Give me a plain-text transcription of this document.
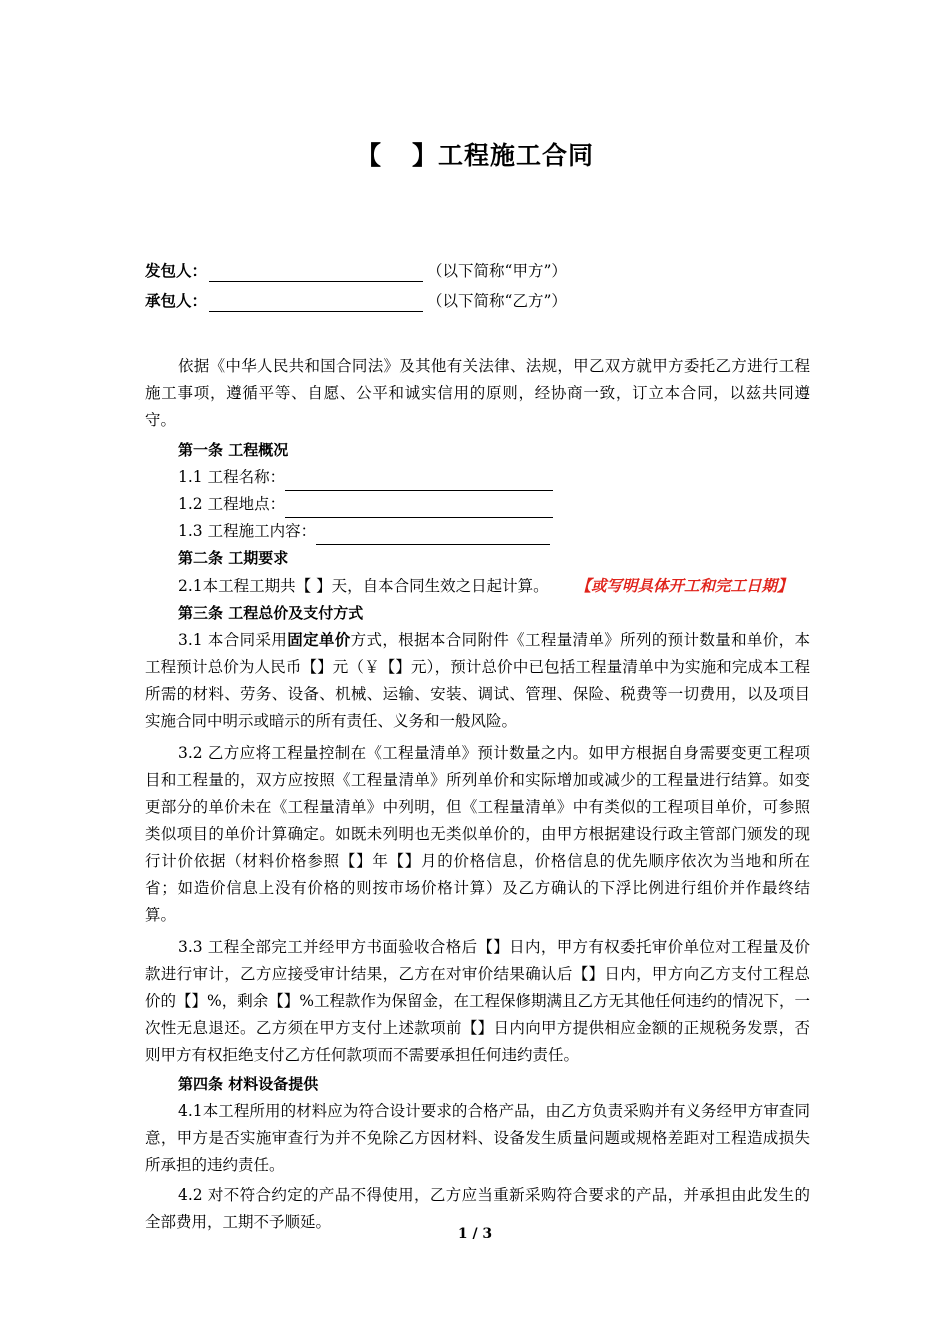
【 】工程施工合同
发包人：	（以下简称“甲方”）
承包人：	（以下简称“乙方”）

依据《中华人民共和国合同法》及其他有关法律、法规，甲乙双方就甲方委托乙方进行工程施工事项，遵循平等、自愿、公平和诚实信用的原则，经协商一致，订立本合同，以兹共同遵守。

第一条 工程概况

1.1 工程名称：

1.2 工程地点：

1.3 工程施工内容：

第二条 工期要求

2.1本工程工期共【 】天，自本合同生效之日起计算。 【或写明具体开工和完工日期】

第三条 工程总价及支付方式

3.1 本合同采用固定单价方式，根据本合同附件《工程量清单》所列的预计数量和单价，本工程预计总价为人民币【】元（￥【】元），预计总价中已包括工程量清单中为实施和完成本工程所需的材料、劳务、设备、机械、运输、安装、调试、管理、保险、税费等一切费用，以及项目实施合同中明示或暗示的所有责任、义务和一般风险。

3.2 乙方应将工程量控制在《工程量清单》预计数量之内。如甲方根据自身需要变更工程项目和工程量的，双方应按照《工程量清单》所列单价和实际增加或减少的工程量进行结算。如变更部分的单价未在《工程量清单》中列明，但《工程量清单》中有类似的工程项目单价，可参照类似项目的单价计算确定。如既未列明也无类似单价的，由甲方根据建设行政主管部门颁发的现行计价依据（材料价格参照【】年【】月的价格信息，价格信息的优先顺序依次为当地和所在省；如造价信息上没有价格的则按市场价格计算）及乙方确认的下浮比例进行组价并作最终结算。

3.3 工程全部完工并经甲方书面验收合格后【】日内，甲方有权委托审价单位对工程量及价款进行审计，乙方应接受审计结果，乙方在对审价结果确认后【】日内，甲方向乙方支付工程总价的【】%，剩余【】%工程款作为保留金，在工程保修期满且乙方无其他任何违约的情况下，一次性无息退还。乙方须在甲方支付上述款项前【】日内向甲方提供相应金额的正规税务发票，否则甲方有权拒绝支付乙方任何款项而不需要承担任何违约责任。

第四条 材料设备提供

4.1本工程所用的材料应为符合设计要求的合格产品，由乙方负责采购并有义务经甲方审查同意，甲方是否实施审查行为并不免除乙方因材料、设备发生质量问题或规格差距对工程造成损失所承担的违约责任。

4.2 对不符合约定的产品不得使用，乙方应当重新采购符合要求的产品，并承担由此发生的全部费用，工期不予顺延。

1 / 3
